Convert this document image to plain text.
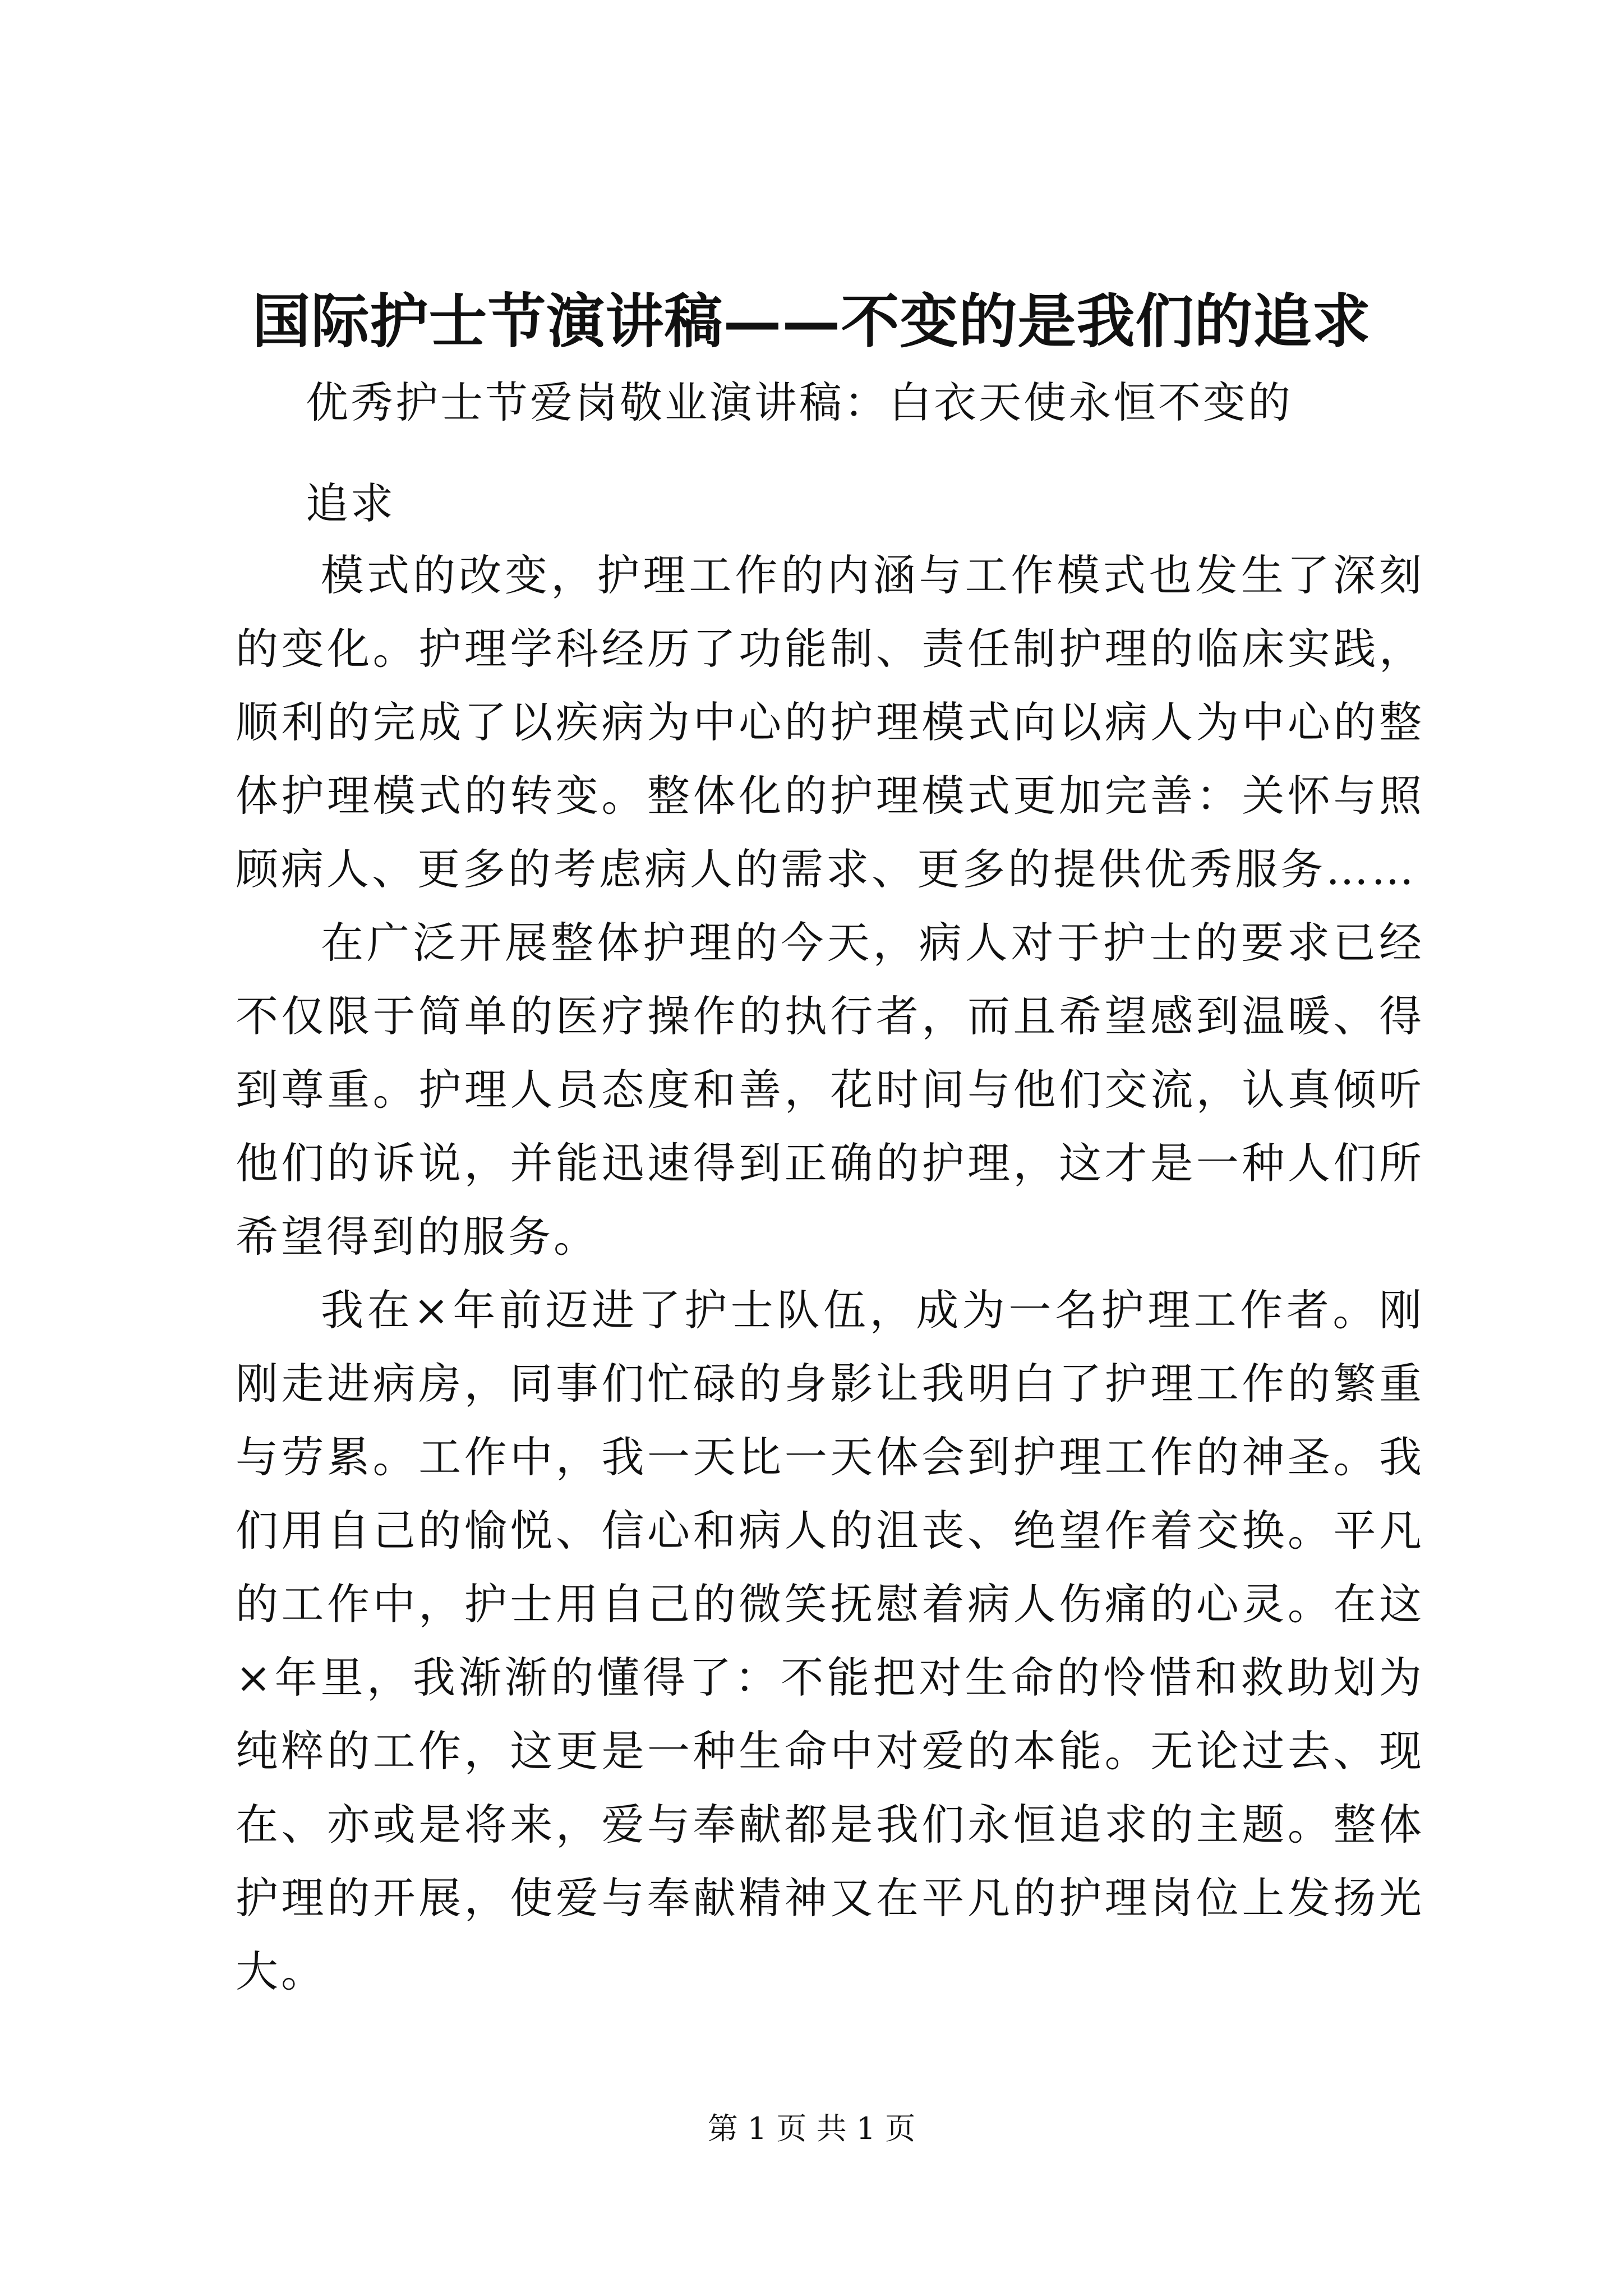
国际护士节演讲稿——不变的是我们的追求
优秀护士节爱岗敬业演讲稿：白衣天使永恒不变的追求

模式的改变，护理工作的内涵与工作模式也发生了深刻的变化。护理学科经历了功能制、责任制护理的临床实践，顺利的完成了以疾病为中心的护理模式向以病人为中心的整体护理模式的转变。整体化的护理模式更加完善：关怀与照顾病人、更多的考虑病人的需求、更多的提供优秀服务……

在广泛开展整体护理的今天，病人对于护士的要求已经不仅限于简单的医疗操作的执行者，而且希望感到温暖、得到尊重。护理人员态度和善，花时间与他们交流，认真倾听他们的诉说，并能迅速得到正确的护理，这才是一种人们所希望得到的服务。

我在×年前迈进了护士队伍，成为一名护理工作者。刚刚走进病房，同事们忙碌的身影让我明白了护理工作的繁重与劳累。工作中，我一天比一天体会到护理工作的神圣。我们用自己的愉悦、信心和病人的沮丧、绝望作着交换。平凡的工作中，护士用自己的微笑抚慰着病人伤痛的心灵。在这×年里，我渐渐的懂得了：不能把对生命的怜惜和救助划为纯粹的工作，这更是一种生命中对爱的本能。无论过去、现在、亦或是将来，爱与奉献都是我们永恒追求的主题。整体护理的开展，使爱与奉献精神又在平凡的护理岗位上发扬光大。

第 1 页 共 1 页
